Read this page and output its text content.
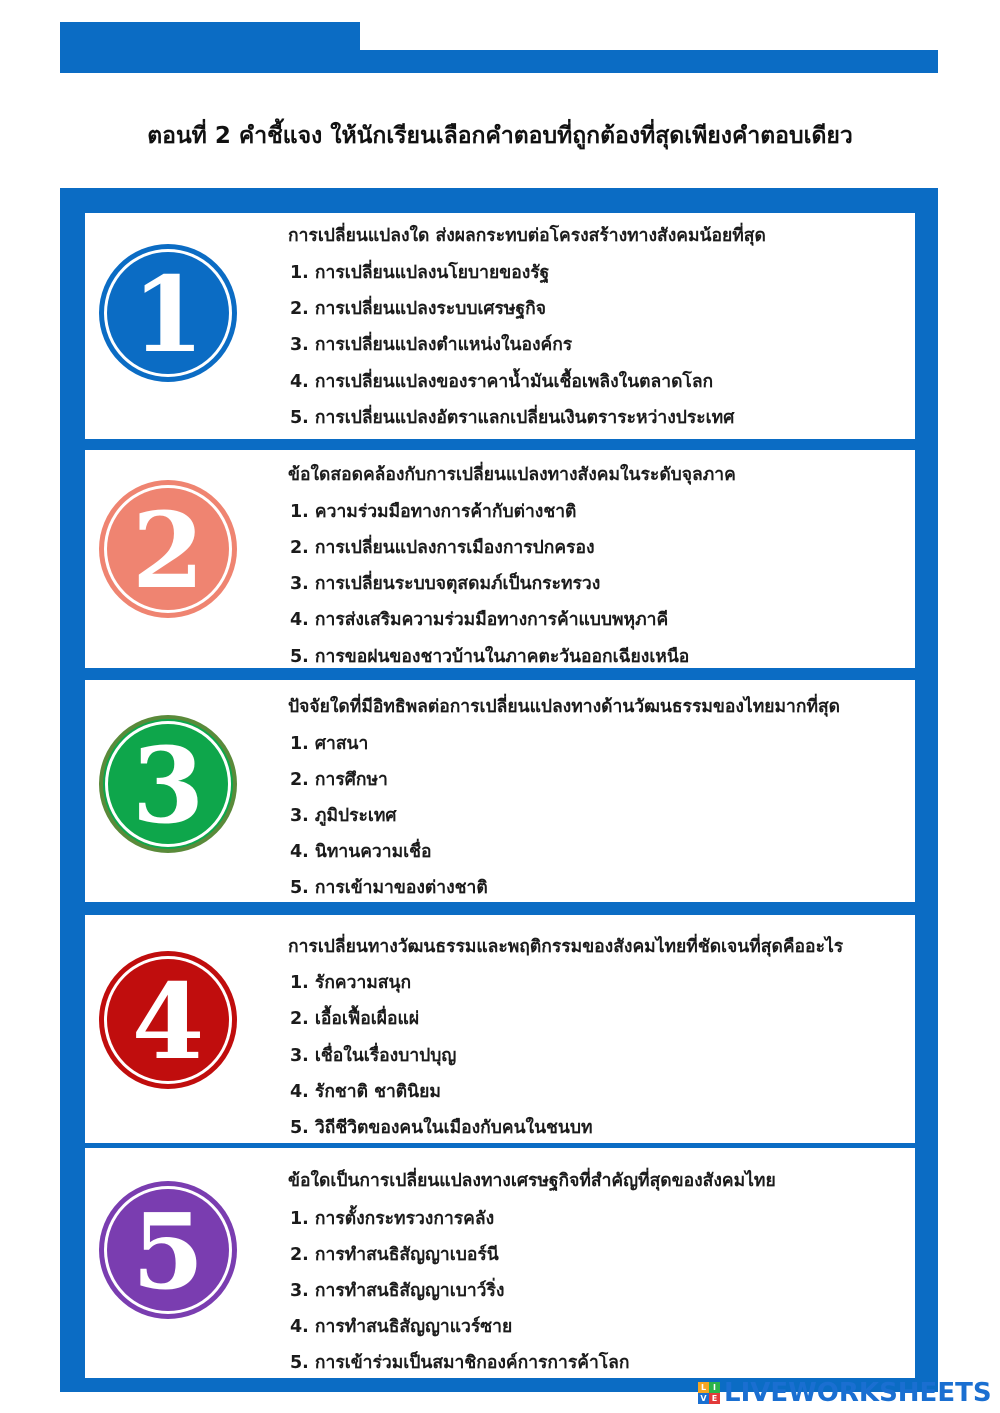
ตอนที่ 2 คำชี้แจง ให้นักเรียนเลือกคำตอบที่ถูกต้องที่สุดเพียงคำตอบเดียว
1
การเปลี่ยนแปลงใด ส่งผลกระทบต่อโครงสร้างทางสังคมน้อยที่สุด
1. การเปลี่ยนแปลงนโยบายของรัฐ
2. การเปลี่ยนแปลงระบบเศรษฐกิจ
3. การเปลี่ยนแปลงตำแหน่งในองค์กร
4. การเปลี่ยนแปลงของราคาน้ำมันเชื้อเพลิงในตลาดโลก
5. การเปลี่ยนแปลงอัตราแลกเปลี่ยนเงินตราระหว่างประเทศ
2
ข้อใดสอดคล้องกับการเปลี่ยนแปลงทางสังคมในระดับจุลภาค
1. ความร่วมมือทางการค้ากับต่างชาติ
2. การเปลี่ยนแปลงการเมืองการปกครอง
3. การเปลี่ยนระบบจตุสดมภ์เป็นกระทรวง
4. การส่งเสริมความร่วมมือทางการค้าแบบพหุภาคี
5. การขอฝนของชาวบ้านในภาคตะวันออกเฉียงเหนือ
3
ปัจจัยใดที่มีอิทธิพลต่อการเปลี่ยนแปลงทางด้านวัฒนธรรมของไทยมากที่สุด
1. ศาสนา
2. การศึกษา
3. ภูมิประเทศ
4. นิทานความเชื่อ
5. การเข้ามาของต่างชาติ
4
การเปลี่ยนทางวัฒนธรรมและพฤติกรรมของสังคมไทยที่ชัดเจนที่สุดคืออะไร
1. รักความสนุก
2. เอื้อเฟื้อเผื่อแผ่
3. เชื่อในเรื่องบาปบุญ
4. รักชาติ ชาตินิยม
5. วิถีชีวิตของคนในเมืองกับคนในชนบท
5
ข้อใดเป็นการเปลี่ยนแปลงทางเศรษฐกิจที่สำคัญที่สุดของสังคมไทย
1. การตั้งกระทรวงการคลัง
2. การทำสนธิสัญญาเบอร์นี
3. การทำสนธิสัญญาเบาว์ริ่ง
4. การทำสนธิสัญญาแวร์ซาย
5. การเข้าร่วมเป็นสมาชิกองค์การการค้าโลก
L I
V E LIVEWORKSHEETS
